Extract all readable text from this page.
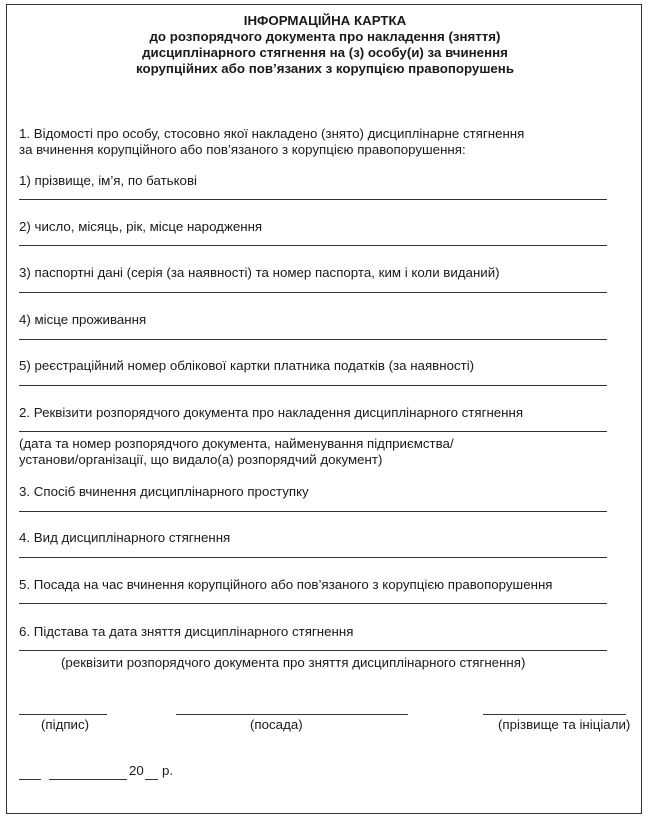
ІНФОРМАЦІЙНА КАРТКА
до розпорядчого документа про накладення (зняття)
дисциплінарного стягнення на (з) особу(и) за вчинення
корупційних або пов’язаних з корупцією правопорушень
1. Відомості про особу, стосовно якої накладено (знято) дисциплінарне стягнення
за вчинення корупційного або пов’язаного з корупцією правопорушення:
1) прізвище, ім’я, по батькові
2) число, місяць, рік, місце народження
3) паспортні дані (серія (за наявності) та номер паспорта, ким і коли виданий)
4) місце проживання
5) реєстраційний номер облікової картки платника податків (за наявності)
2. Реквізити розпорядчого документа про накладення дисциплінарного стягнення
(дата та номер розпорядчого документа, найменування підприємства/
установи/організації, що видало(а) розпорядчий документ)
3. Спосіб вчинення дисциплінарного проступку
4. Вид дисциплінарного стягнення
5. Посада на час вчинення корупційного або пов’язаного з корупцією правопорушення
6. Підстава та дата зняття дисциплінарного стягнення
(реквізити розпорядчого документа про зняття дисциплінарного стягнення)
(підпис)	(посада)	(прізвище та ініціали)
20 р.
